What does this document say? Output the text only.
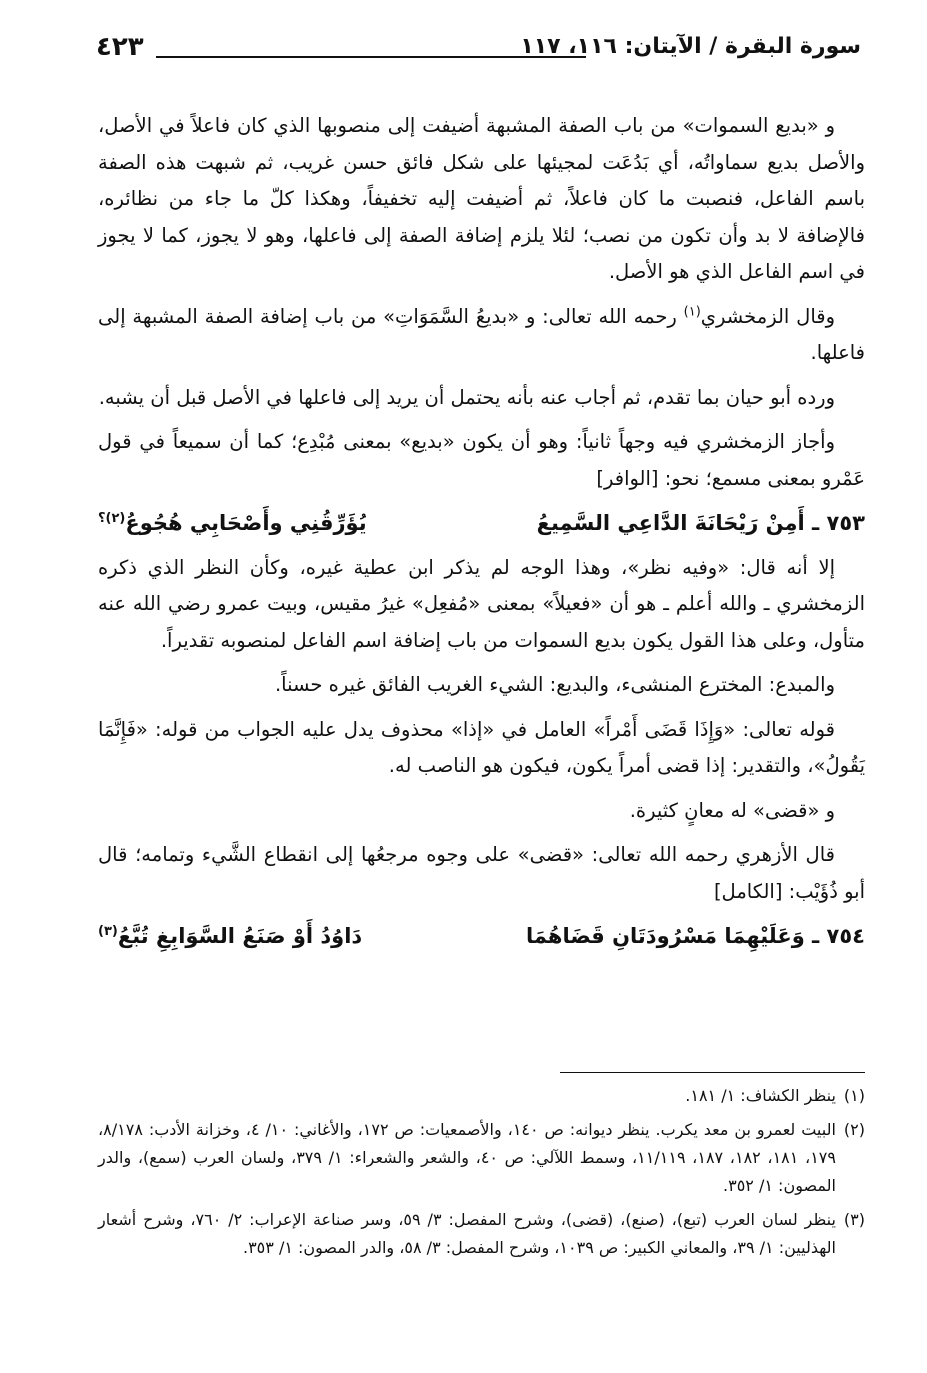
سورة البقرة / الآيتان: ١١٦، ١١٧
٤٢٣

و «بديع السموات» من باب الصفة المشبهة أضيفت إلى منصوبها الذي كان فاعلاً في الأصل، والأصل بديع سماواتُه، أي بَدُعَت لمجيئها على شكل فائق حسن غريب، ثم شبهت هذه الصفة باسم الفاعل، فنصبت ما كان فاعلاً، ثم أضيفت إليه تخفيفاً، وهكذا كلّ ما جاء من نظائره، فالإضافة لا بد وأن تكون من نصب؛ لئلا يلزم إضافة الصفة إلى فاعلها، وهو لا يجوز، كما لا يجوز في اسم الفاعل الذي هو الأصل.

وقال الزمخشري$^{(١)}$ رحمه الله تعالى: و «بديعُ السَّمَوَاتِ» من باب إضافة الصفة المشبهة إلى فاعلها.

ورده أبو حيان بما تقدم، ثم أجاب عنه بأنه يحتمل أن يريد إلى فاعلها في الأصل قبل أن يشبه.

وأجاز الزمخشري فيه وجهاً ثانياً: وهو أن يكون «بديع» بمعنى مُبْدِع؛ كما أن سميعاً في قول عَمْرو بمعنى مسمع؛ نحو: [الوافر]

٧٥٣ ـ أَمِنْ رَيْحَانَةَ الدَّاعِي السَّمِيعُ
يُؤَرِّقُنِي وأَصْحَابِي هُجُوعُ$^{(٢)؟}$

إلا أنه قال: «وفيه نظر»، وهذا الوجه لم يذكر ابن عطية غيره، وكأن النظر الذي ذكره الزمخشري ـ والله أعلم ـ هو أن «فعيلاً» بمعنى «مُفعِل» غيرُ مقيس، وبيت عمرو رضي الله عنه متأول، وعلى هذا القول يكون بديع السموات من باب إضافة اسم الفاعل لمنصوبه تقديراً.

والمبدع: المخترع المنشىء، والبديع: الشيء الغريب الفائق غيره حسناً.

قوله تعالى: «وَإِذَا قَضَى أَمْراً» العامل في «إذا» محذوف يدل عليه الجواب من قوله: «فَإِنَّمَا يَقُولُ»، والتقدير: إذا قضى أمراً يكون، فيكون هو الناصب له.

و «قضى» له معانٍ كثيرة.

قال الأزهري رحمه الله تعالى: «قضى» على وجوه مرجعُها إلى انقطاع الشَّيء وتمامه؛ قال أبو ذُؤَيْب: [الكامل]

٧٥٤ ـ وَعَلَيْهِمَا مَسْرُودَتَانِ قَضَاهُمَا
دَاوُدُ أَوْ صَنَعُ السَّوَابِغِ تُبَّعُ$^{(٣)}$
(١)
ينظر الكشاف: ١/ ١٨١.
(٢)
البيت لعمرو بن معد يكرب. ينظر ديوانه: ص ١٤٠، والأصمعيات: ص ١٧٢، والأغاني: ١٠/ ٤، وخزانة الأدب: ٨/١٧٨، ١٧٩، ١٨١، ١٨٢، ١٨٧، ١١/١١٩، وسمط اللآلي: ص ٤٠، والشعر والشعراء: ١/ ٣٧٩، ولسان العرب (سمع)، والدر المصون: ١/ ٣٥٢.
(٣)
ينظر لسان العرب (تبع)، (صنع)، (قضى)، وشرح المفصل: ٣/ ٥٩، وسر صناعة الإعراب: ٢/ ٧٦٠، وشرح أشعار الهذليين: ١/ ٣٩، والمعاني الكبير: ص ١٠٣٩، وشرح المفصل: ٣/ ٥٨، والدر المصون: ١/ ٣٥٣.
